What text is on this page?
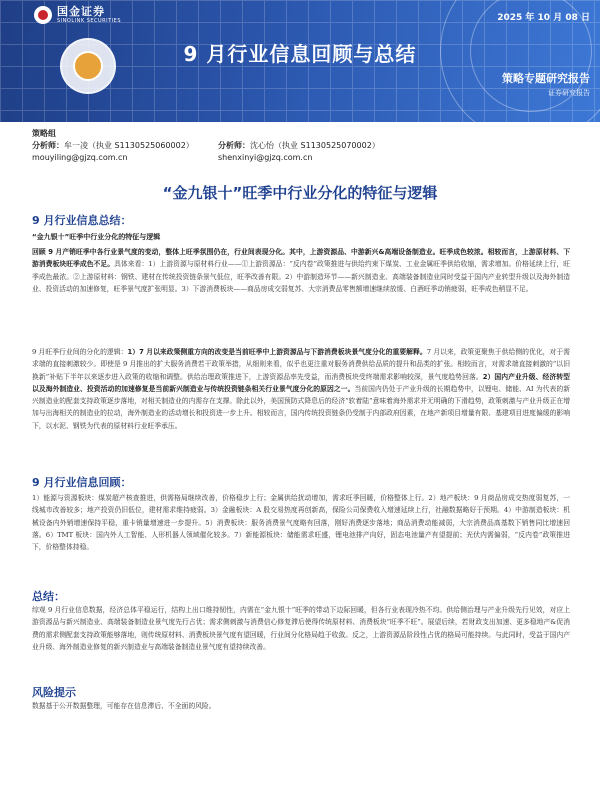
国金证券
SINOLINK SECURITIES	2025 年 10 月 08 日
9 月行业信息回顾与总结
策略专题研究报告
证券研究报告
策略组
分析师：牟一凌（执业 S1130525060002）	分析师：沈心怡（执业 S1130525070002）
mouyiling@gjzq.com.cn	shenxinyi@gjzq.com.cn
“金九银十”旺季中行业分化的特征与逻辑
9 月行业信息总结：
“金九银十”旺季中行业分化的特征与逻辑
回顾 9 月产销旺季中各行业景气度的变动，整体上旺季氛围仍在，行业间表现分化。其中，上游资源品、中游新兴&高端设备制造业。旺季成色较浓。相较而言，上游原材料、下游消费板块旺季成色不足。具体来看：1）上游资源与原材料行业——①上游资源品：“反内卷”政策推进与供给约束下煤炭、工业金属旺季供给收缩，需求增加。价格延续上行，旺季成色最浓。②上游原材料：钢铁、建材在传统投资链条景气低位，旺季改善有限。2）中游制造环节——新兴制造业、高端装备制造业同时受益于国内产业转型升级以及海外制造业、投资活动的加速修复，旺季景气度扩张明显。3）下游消费板块——商品房成交弱复苏、大宗消费品零售额增速继续放缓、白酒旺季动销疲弱，旺季成色稍显不足。
9 月旺季行业间的分化的逻辑：1）7 月以来政策侧重方向的改变是当前旺季中上游资源品与下游消费板块景气度分化的重要解释。7 月以来，政策更聚焦于供给侧的优化，对于需求端的直接刺激较少。即使是 9 月推出的扩大服务消费若干政策举措，从细则来看，似乎也更注重对服务消费供给品质的提升和品类的扩张。相较而言，对需求端直接刺激的“以旧换新”补贴下半年以来逐步进入政策的收缩和调整。供给治理政策推进下，上游资源品率先受益，而消费板块受终端需求影响较深，景气度趋势回落。2）国内产业升级、经济转型以及海外制造业、投资活动的加速修复是当前新兴制造业与传统投资链条相关行业景气度分化的原因之一。当前国内仍处于产业升级的长期趋势中，以锂电、储能、AI 为代表的新兴制造业的配套支持政策逐步落地，对相关制造业的内需存在支撑。除此以外，美国预防式降息后的经济“软着陆”意味着海外需求并无明确的下滑趋势，政策刺激与产业升级正在增加与出海相关的制造业的拉动，海外制造业的活动增长和投资进一步上升。相较而言，国内传统投资链条仍受制于内部政府因素，在地产新项目增量有限、基建项目进度偏缓的影响下，以水泥、钢铁为代表的原材料行业旺季承压。
9 月行业信息回顾：
1）能源与资源板块：煤炭超产核查推进，供需格局继续改善，价格稳步上行；金属供给扰动增加，需求旺季回暖，价格整体上行。2）地产板块：9 月商品房成交热度弱复苏，一线城市改善较多；地产投资仍旧低位，建材需求维持疲弱。3）金融板块：A 股交易热度再创新高，保险公司保费收入增速延续上行，社融数据略好于预期。4）中游制造板块：机械设备内外销增速保持平稳，重卡销量增速进一步提升。5）消费板块：服务消费景气度略有回落，刚好消费逐步落地；商品消费动能减弱，大宗消费品高基数下销售同比增速回落。6）TMT 板块：国内外人工智能、人形机器人领域催化较多。7）新能源板块：储能需求旺盛，锂电池排产向好，固态电池量产有望提前；光伏内需偏弱，“反内卷”政策推进下，价格整体持稳。
总结：
综观 9 月行业信息数据，经济总体平稳运行，结构上出口维持韧性，内需在“金九银十”旺季的带动下边际回暖，但各行业表现冷热不均。供给侧治理与产业升级先行见效，对应上游资源品与新兴制造业、高端装备制造业景气度先行占优；需求侧刺激与消费信心修复滞后使得传统原材料、消费板块“旺季不旺”。展望后续，若财政支出加速、更多稳地产&促消费的需求侧配套支持政策能够落地，则传统原材料、消费板块景气度有望回暖，行业间分化格局趋于收敛。反之，上游资源品阶段性占优的格局可能持续。与此同时，受益于国内产业升级、海外制造业修复的新兴制造业与高端装备制造业景气度有望持续改善。
风险提示
数据基于公开数据整理，可能存在信息滞后、不全面的风险。
